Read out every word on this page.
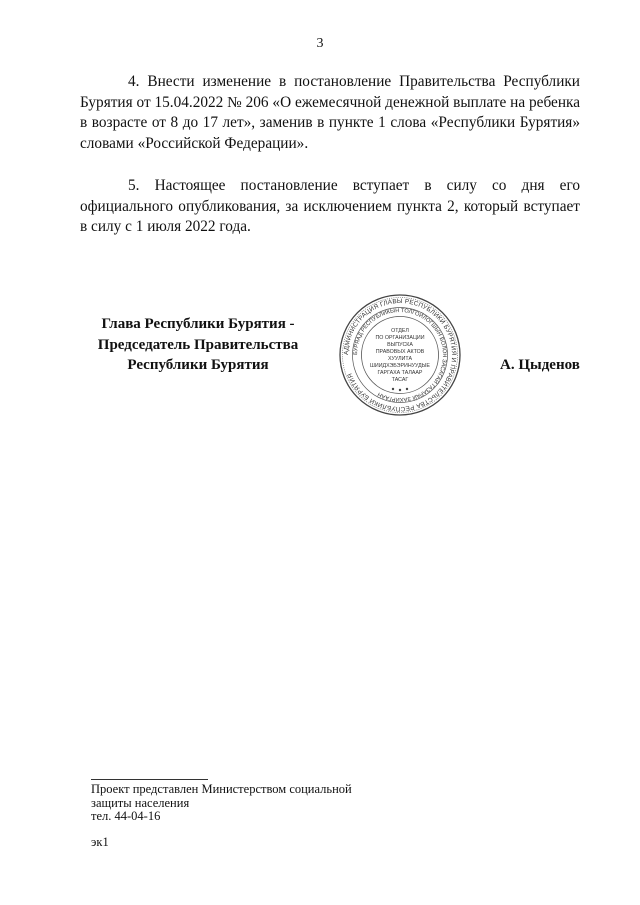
3

4. Внести изменение в постановление Правительства Республики Бурятия от 15.04.2022 № 206 «О ежемесячной денежной выплате на ребенка в возрасте от 8 до 17 лет», заменив в пункте 1 слова «Республики Бурятия» словами «Российской Федерации».

5. Настоящее постановление вступает в силу со дня его официального опубликования, за исключением пункта 2, который вступает в силу с 1 июля 2022 года.

Глава Республики Бурятия -
Председатель Правительства
Республики Бурятия
АДМИНИСТРАЦИЯ ГЛАВЫ РЕСПУБЛИКИ БУРЯТИЯ И ПРАВИТЕЛЬСТВА РЕСПУБЛИКИ БУРЯТИЯ
БУРЯАД РЕСПУБЛИКЫН ТОЛГОЙЛОГШЫН БОЛОН ЗАСАГАЙ ГАЗАРАЙ ЗАХИРГААН
ОТДЕЛ
ПО ОРГАНИЗАЦИИ
ВЫПУСКА
ПРАВОВЫХ АКТОВ
ХУУЛИТА
ШИИДХЭБЭРИНУУДЫЕ
ГАРГАХА ТАЛААР
ТАСАГ
А. Цыденов
Проект представлен Министерством социальной
защиты населения
тел. 44-04-16
эк1
